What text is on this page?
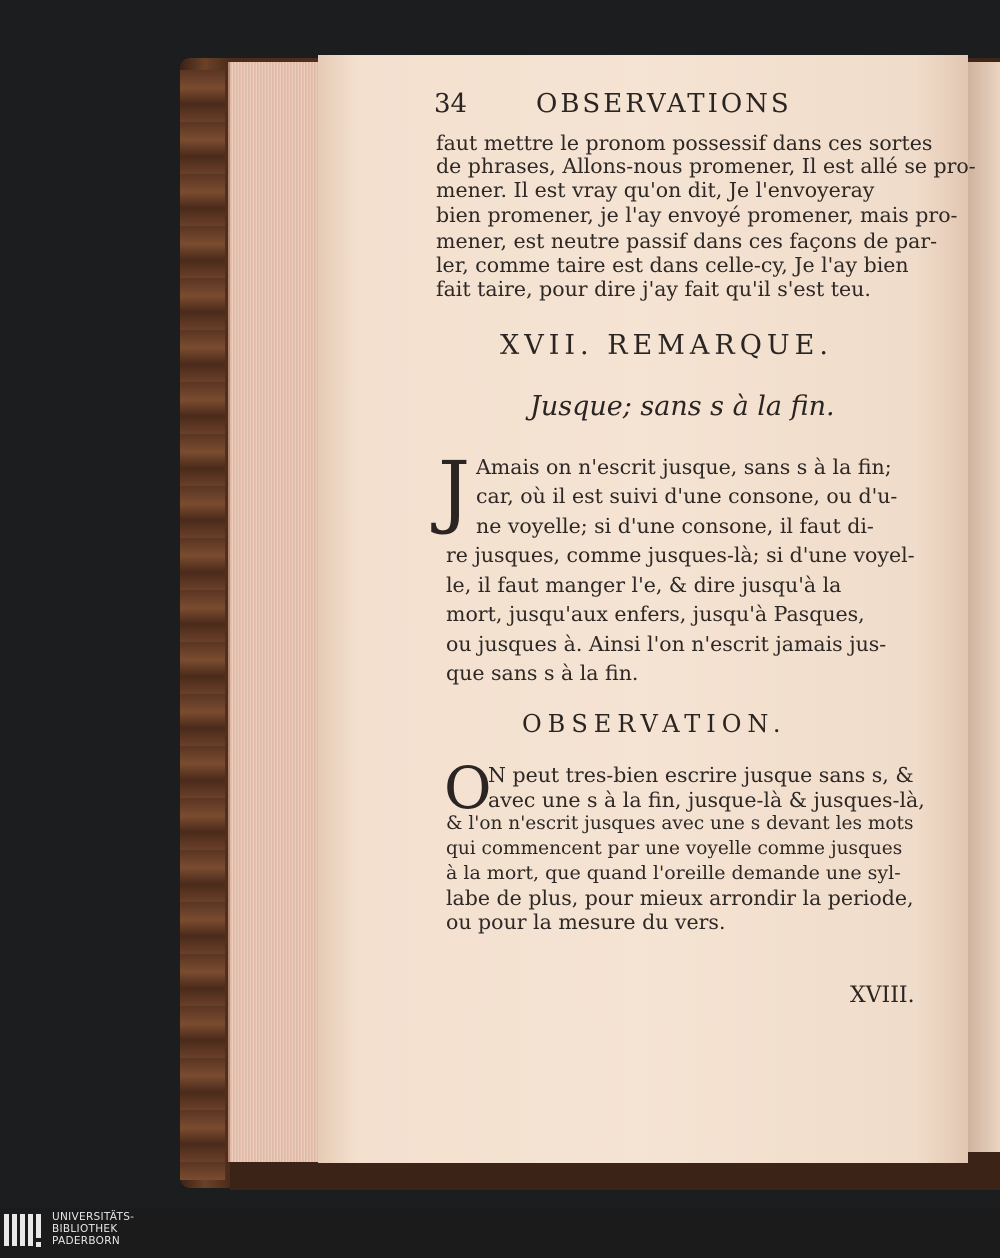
34	OBSERVATIONS
faut mettre le pronom possessif dans ces sortes
de phrases, Allons-nous promener, Il est allé se pro-
mener. Il est vray qu'on dit, Je l'envoyeray
bien promener, je l'ay envoyé promener, mais pro-
mener, est neutre passif dans ces façons de par-
ler, comme taire est dans celle-cy, Je l'ay bien
fait taire, pour dire j'ay fait qu'il s'est teu.
XVII. REMARQUE.
Jusque; sans s à la fin.
J Amais on n'escrit jusque, sans s à la fin;
car, où il est suivi d'une consone, ou d'u-
ne voyelle; si d'une consone, il faut di-
re jusques, comme jusques-là; si d'une voyel-
le, il faut manger l'e, & dire jusqu'à la
mort, jusqu'aux enfers, jusqu'à Pasques,
ou jusques à. Ainsi l'on n'escrit jamais jus-
que sans s à la fin.
OBSERVATION.
O
N peut tres-bien escrire jusque sans s, &
avec une s à la fin, jusque-là & jusques-là,
& l'on n'escrit jusques avec une s devant les mots
qui commencent par une voyelle comme jusques
à la mort, que quand l'oreille demande une syl-
labe de plus, pour mieux arrondir la periode,
ou pour la mesure du vers.
XVIII.
UNIVERSITÄTS-
BIBLIOTHEK
PADERBORN
